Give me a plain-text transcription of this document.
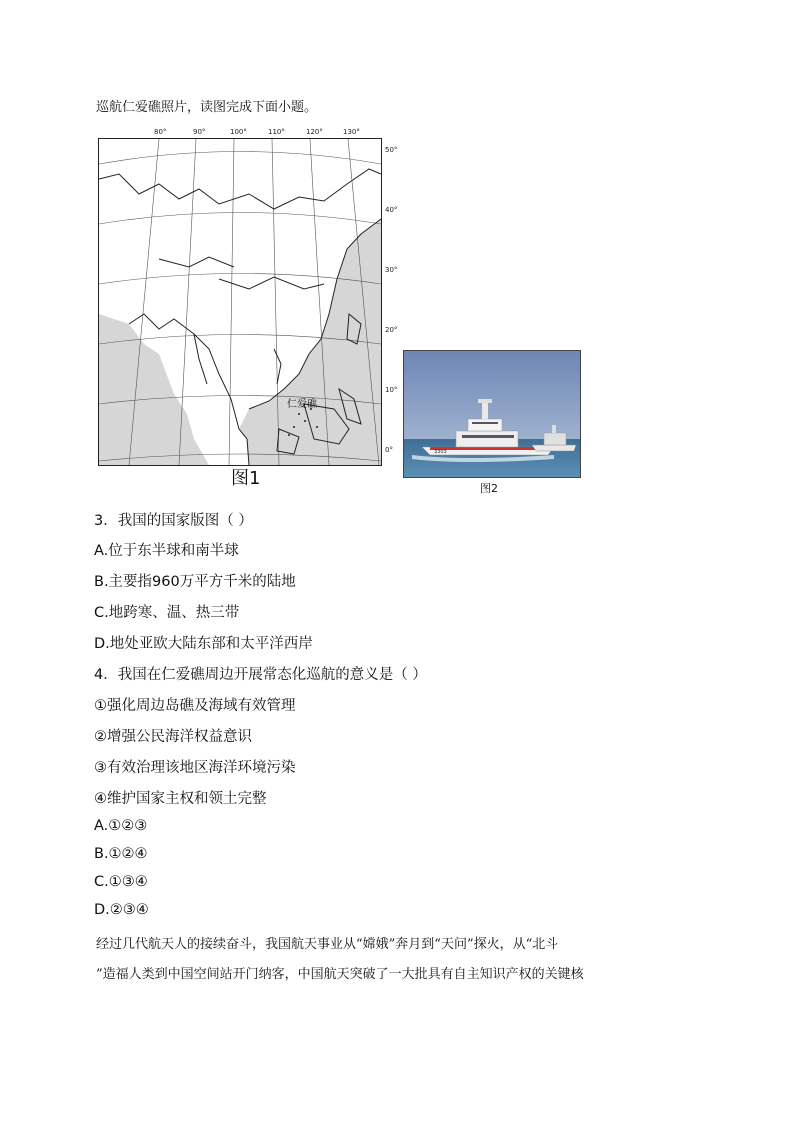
巡航仁爱礁照片，读图完成下面小题。
80°	90°	100°	110°	120°	130°
50°
40°
30°
20°
10°
0°
仁爱礁
图1
3303
图2
3．我国的国家版图（ ）
A.位于东半球和南半球
B.主要指960万平方千米的陆地
C.地跨寒、温、热三带
D.地处亚欧大陆东部和太平洋西岸
4．我国在仁爱礁周边开展常态化巡航的意义是（ ）
①强化周边岛礁及海域有效管理
②增强公民海洋权益意识
③有效治理该地区海洋环境污染
④维护国家主权和领土完整
A.①②③
B.①②④
C.①③④
D.②③④
经过几代航天人的接续奋斗，我国航天事业从“嫦娥”奔月到“天问”探火，从“北斗
”造福人类到中国空间站开门纳客，中国航天突破了一大批具有自主知识产权的关键核
